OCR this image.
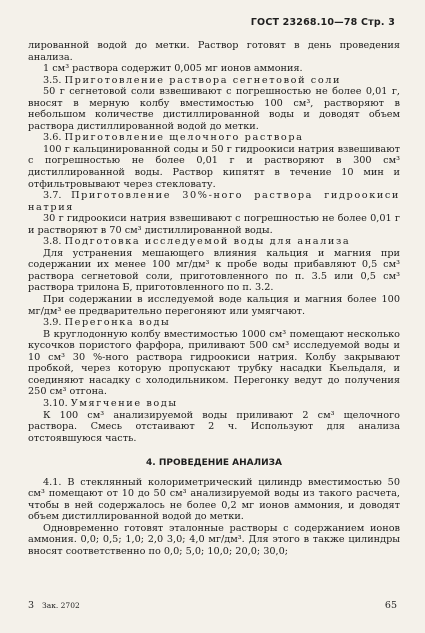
ГОСТ 23268.10—78 Стр. 3

лированной водой до метки. Раствор готовят в день проведения анализа.

1 см³ раствора содержит 0,005 мг ионов аммония.

3.5. Приготовление раствора сегнетовой соли

50 г сегнетовой соли взвешивают с погрешностью не более 0,01 г, вносят в мерную колбу вместимостью 100 см³, растворяют в небольшом количестве дистиллированной воды и доводят объем раствора дистиллированной водой до метки.

3.6. Приготовление щелочного раствора

100 г кальцинированной соды и 50 г гидроокиси натрия взвешивают с погрешностью не более 0,01 г и растворяют в 300 см³ дистиллированной воды. Раствор кипятят в течение 10 мин и отфильтровывают через стекловату.

3.7. Приготовление 30%-ного раствора гидроокиси натрия

30 г гидроокиси натрия взвешивают с погрешностью не более 0,01 г и растворяют в 70 см³ дистиллированной воды.

3.8. Подготовка исследуемой воды для анализа

Для устранения мешающего влияния кальция и магния при содержании их менее 100 мг/дм³ к пробе воды прибавляют 0,5 см³ раствора сегнетовой соли, приготовленного по п. 3.5 или 0,5 см³ раствора трилона Б, приготовленного по п. 3.2.

При содержании в исследуемой воде кальция и магния более 100 мг/дм³ ее предварительно перегоняют или умягчают.

3.9. Перегонка воды

В круглодонную колбу вместимостью 1000 см³ помещают несколько кусочков пористого фарфора, приливают 500 см³ исследуемой воды и 10 см³ 30 %-ного раствора гидроокиси натрия. Колбу закрывают пробкой, через которую пропускают трубку насадки Кьельдаля, и соединяют насадку с холодильником. Перегонку ведут до получения 250 см³ отгона.

3.10. Умягчение воды

К 100 см³ анализируемой воды приливают 2 см³ щелочного раствора. Смесь отстаивают 2 ч. Используют для анализа отстоявшуюся часть.

4. ПРОВЕДЕНИЕ АНАЛИЗА

4.1. В стеклянный колориметрический цилиндр вместимостью 50 см³ помещают от 10 до 50 см³ анализируемой воды из такого расчета, чтобы в ней содержалось не более 0,2 мг ионов аммония, и доводят объем дистиллированной водой до метки.

Одновременно готовят эталонные растворы с содержанием ионов аммония. 0,0; 0,5; 1,0; 2,0 3,0; 4,0 мг/дм³. Для этого в также цилиндры вносят соответственно по 0,0; 5,0; 10,0; 20,0; 30,0;

3 Зак. 2702	65
